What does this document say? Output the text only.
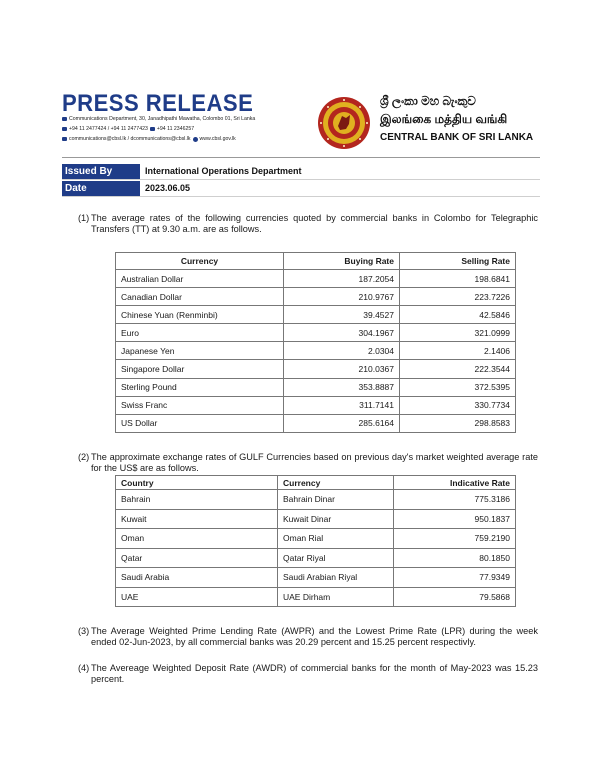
PRESS RELEASE
Communications Department, 30, Janadhipathi Mawatha, Colombo 01, Sri Lanka
+94 11 2477424 / +94 11 2477423 +94 11 2346257
communications@cbsl.lk / dcommunications@cbsl.lk www.cbsl.gov.lk
ශ්‍රී ලංකා මහ බැංකුව
இலங்கை மத்திய வங்கி
CENTRAL BANK OF SRI LANKA
Issued By	International Operations Department
Date	2023.06.05
(1) The average rates of the following currencies quoted by commercial banks in Colombo for Telegraphic Transfers (TT) at 9.30 a.m. are as follows.
Currency	Buying Rate	Selling Rate
Australian Dollar	187.2054	198.6841
Canadian Dollar	210.9767	223.7226
Chinese Yuan (Renminbi)	39.4527	42.5846
Euro	304.1967	321.0999
Japanese Yen	2.0304	2.1406
Singapore Dollar	210.0367	222.3544
Sterling Pound	353.8887	372.5395
Swiss Franc	311.7141	330.7734
US Dollar	285.6164	298.8583
(2) The approximate exchange rates of GULF Currencies based on previous day's market weighted average rate for the US$ are as follows.
Country	Currency	Indicative Rate
Bahrain	Bahrain Dinar	775.3186
Kuwait	Kuwait Dinar	950.1837
Oman	Oman Rial	759.2190
Qatar	Qatar Riyal	80.1850
Saudi Arabia	Saudi Arabian Riyal	77.9349
UAE	UAE Dirham	79.5868
(3) The Average Weighted Prime Lending Rate (AWPR) and the Lowest Prime Rate (LPR) during the week ended 02-Jun-2023, by all commercial banks was 20.29 percent and 15.25 percent respectivly.
(4) The Avereage Weighted Deposit Rate (AWDR) of commercial banks for the month of May-2023 was 15.23 percent.
